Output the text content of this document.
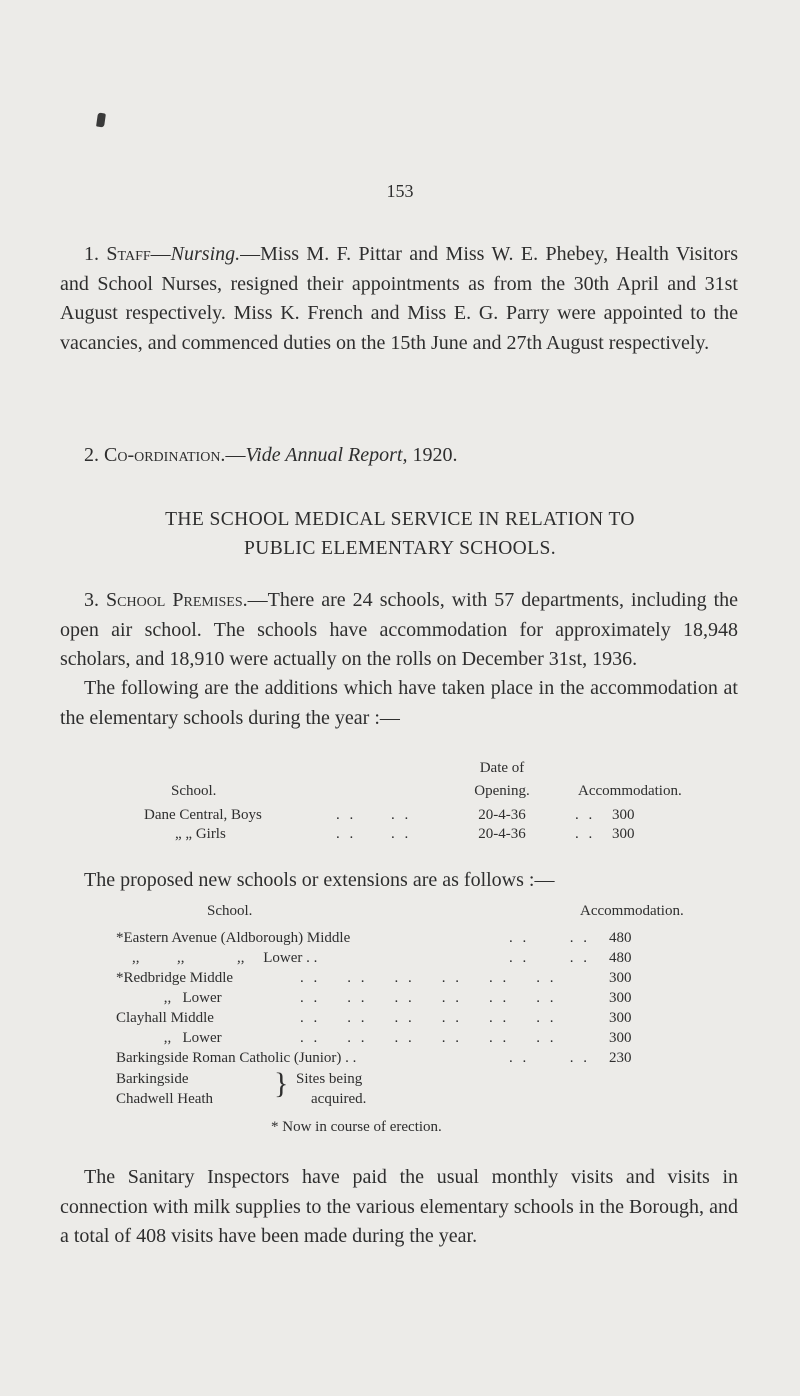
153
1. Staff—Nursing.—Miss M. F. Pittar and Miss W. E. Phebey, Health Visitors and School Nurses, resigned their appointments as from the 30th April and 31st August respectively. Miss K. French and Miss E. G. Parry were appointed to the vacancies, and commenced duties on the 15th June and 27th August respectively.
2. Co-ordination.—Vide Annual Report, 1920.
THE SCHOOL MEDICAL SERVICE IN RELATION TO
PUBLIC ELEMENTARY SCHOOLS.
3. School Premises.—There are 24 schools, with 57 departments, including the open air school. The schools have accommodation for approximately 18,948 scholars, and 18,910 were actually on the rolls on December 31st, 1936.
The following are the additions which have taken place in the accommodation at the elementary schools during the year :—
Date of
School.	Opening.	Accommodation.
Dane Central, Boys	. . . .	20-4-36	. . 300
„ „ Girls	. . . .	20-4-36	. . 300
The proposed new schools or extensions are as follows :—
School.	Accommodation.
*Eastern Avenue (Aldborough) Middle	. .      . . 480
,,          ,,              ,,     Lower . .	. .      . . 480
*Redbridge Middle	. .    . .    . .    . .    . .    . .	300
,,   Lower	. .    . .    . .    . .    . .    . .	300
Clayhall Middle	. .    . .    . .    . .    . .    . .	300
,,   Lower	. .    . .    . .    . .    . .    . .	300
Barkingside Roman Catholic (Junior) . .	. .      . . 230
Barkingside
Chadwell Heath } Sites being
acquired.
* Now in course of erection.
The Sanitary Inspectors have paid the usual monthly visits and visits in connection with milk supplies to the various elementary schools in the Borough, and a total of 408 visits have been made during the year.
